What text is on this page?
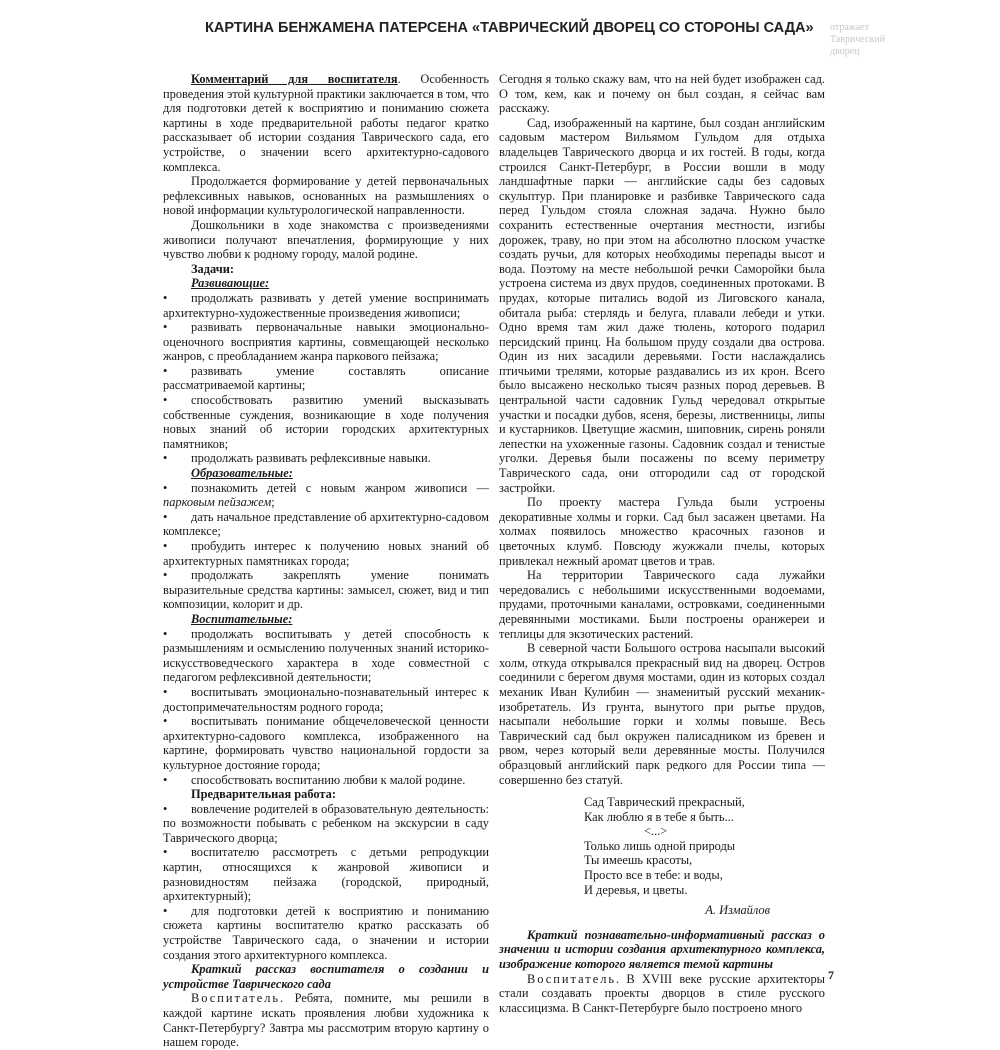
КАРТИНА БЕНЖАМЕНА ПАТЕРСЕНА «ТАВРИЧЕСКИЙ ДВОРЕЦ СО СТОРОНЫ САДА»	отражает Таврический дворец

Комментарий для воспитателя. Особенность проведения этой культурной практики заключается в том, что для подготовки детей к восприятию и пониманию сюжета картины в ходе предварительной работы педагог кратко рассказывает об истории создания Таврического сада, его устройстве, о значении всего архитектурно-садового комплекса.

Продолжается формирование у детей первоначальных рефлексивных навыков, основанных на размышлениях о новой информации культурологической направленности.

Дошкольники в ходе знакомства с произведениями живописи получают впечатления, формирующие у них чувство любви к родному городу, малой родине.

Задачи:

Развивающие:

• продолжать развивать у детей умение воспринимать архитектурно-художественные произведения живописи;

• развивать первоначальные навыки эмоционально-оценочного восприятия картины, совмещающей несколько жанров, с преобладанием жанра паркового пейзажа;

• развивать умение составлять описание рассматриваемой картины;

• способствовать развитию умений высказывать собственные суждения, возникающие в ходе получения новых знаний об истории городских архитектурных памятников;

• продолжать развивать рефлексивные навыки.

Образовательные:

• познакомить детей с новым жанром живописи — парковым пейзажем;

• дать начальное представление об архитектурно-садовом комплексе;

• пробудить интерес к получению новых знаний об архитектурных памятниках города;

• продолжать закреплять умение понимать выразительные средства картины: замысел, сюжет, вид и тип композиции, колорит и др.

Воспитательные:

• продолжать воспитывать у детей способность к размышлениям и осмыслению полученных знаний историко-искусствоведческого характера в ходе совместной с педагогом рефлексивной деятельности;

• воспитывать эмоционально-познавательный интерес к достопримечательностям родного города;

• воспитывать понимание общечеловеческой ценности архитектурно-садового комплекса, изображенного на картине, формировать чувство национальной гордости за культурное достояние города;

• способствовать воспитанию любви к малой родине.

Предварительная работа:

• вовлечение родителей в образовательную деятельность: по возможности побывать с ребенком на экскурсии в саду Таврического дворца;

• воспитателю рассмотреть с детьми репродукции картин, относящихся к жанровой живописи и разновидностям пейзажа (городской, природный, архитектурный);

• для подготовки детей к восприятию и пониманию сюжета картины воспитателю кратко рассказать об устройстве Таврического сада, о значении и истории создания этого архитектурного комплекса.

Краткий рассказ воспитателя о создании и устройстве Таврического сада

Воспитатель. Ребята, помните, мы решили в каждой картине искать проявления любви художника к Санкт-Петербургу? Завтра мы рассмотрим вторую картину о нашем городе.

Сегодня я только скажу вам, что на ней будет изображен сад. О том, кем, как и почему он был создан, я сейчас вам расскажу.

Сад, изображенный на картине, был создан английским садовым мастером Вильямом Гульдом для отдыха владельцев Таврического дворца и их гостей. В годы, когда строился Санкт-Петербург, в России вошли в моду ландшафтные парки — английские сады без садовых скульптур. При планировке и разбивке Таврического сада перед Гульдом стояла сложная задача. Нужно было сохранить естественные очертания местности, изгибы дорожек, траву, но при этом на абсолютно плоском участке создать ручьи, для которых необходимы перепады высот и вода. Поэтому на месте небольшой речки Саморойки была устроена система из двух прудов, соединенных протоками. В прудах, которые питались водой из Лиговского канала, обитала рыба: стерлядь и белуга, плавали лебеди и утки. Одно время там жил даже тюлень, которого подарил персидский принц. На большом пруду создали два острова. Один из них засадили деревьями. Гости наслаждались птичьими трелями, которые раздавались из их крон. Всего было высажено несколько тысяч разных пород деревьев. В центральной части садовник Гульд чередовал открытые участки и посадки дубов, ясеня, березы, лиственницы, липы и кустарников. Цветущие жасмин, шиповник, сирень роняли лепестки на ухоженные газоны. Садовник создал и тенистые уголки. Деревья были посажены по всему периметру Таврического сада, они отгородили сад от городской застройки.

По проекту мастера Гульда были устроены декоративные холмы и горки. Сад был засажен цветами. На холмах появилось множество красочных газонов и цветочных клумб. Повсюду жужжали пчелы, которых привлекал нежный аромат цветов и трав.

На территории Таврического сада лужайки чередовались с небольшими искусственными водоемами, прудами, проточными каналами, островками, соединенными деревянными мостиками. Были построены оранжереи и теплицы для экзотических растений.

В северной части Большого острова насыпали высокий холм, откуда открывался прекрасный вид на дворец. Остров соединили с берегом двумя мостами, один из которых создал механик Иван Кулибин — знаменитый русский механик-изобретатель. Из грунта, вынутого при рытье прудов, насыпали небольшие горки и холмы повыше. Весь Таврический сад был окружен палисадником из бревен и рвом, через который вели деревянные мосты. Получился образцовый английский парк редкого для России типа — совершенно без статуй.

Сад Таврический прекрасный,

Как люблю я в тебе я быть...

<...>

Только лишь одной природы

Ты имеешь красоты,

Просто все в тебе: и воды,

И деревья, и цветы.

А. Измайлов

Краткий познавательно-информативный рассказ о значении и истории создания архитектурного комплекса, изображение которого является темой картины

Воспитатель. В XVIII веке русские архитекторы стали создавать проекты дворцов в стиле русского классицизма. В Санкт-Петербурге было построено много

7
